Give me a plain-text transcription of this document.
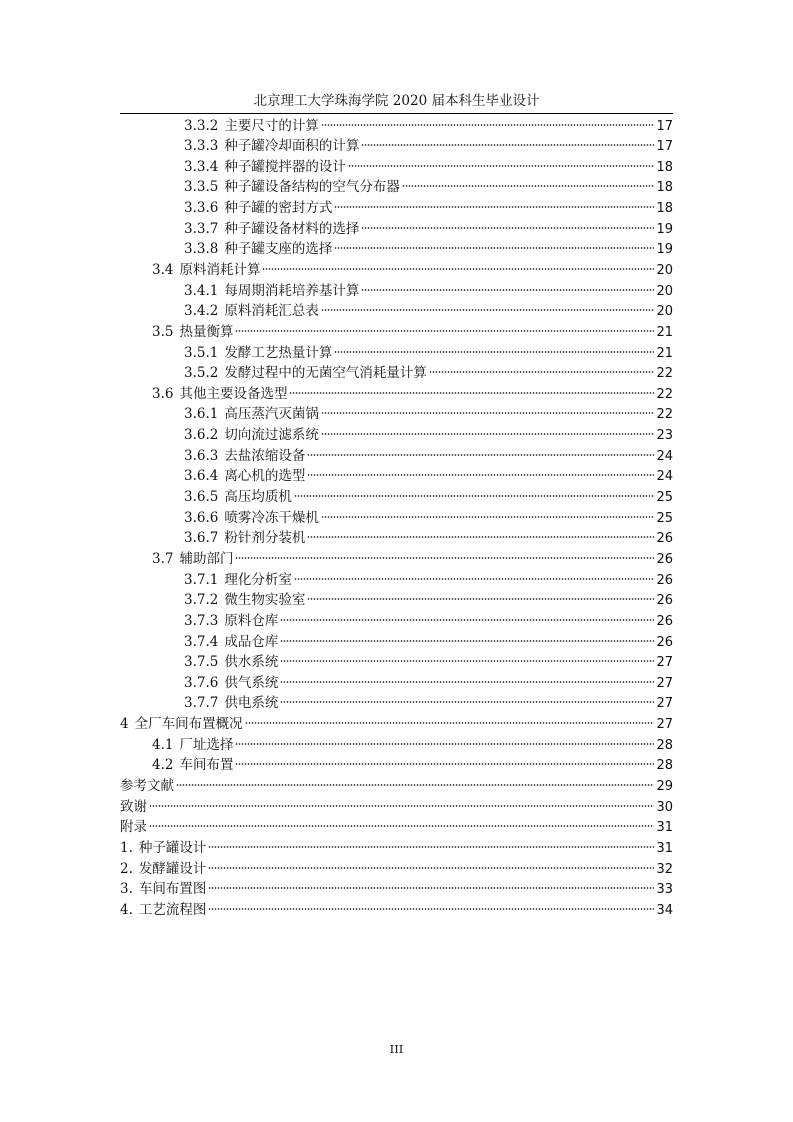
北京理工大学珠海学院 2020 届本科生毕业设计
3.3.2 主要尺寸的计算	17
3.3.3 种子罐冷却面积的计算	17
3.3.4 种子罐搅拌器的设计	18
3.3.5 种子罐设备结构的空气分布器	18
3.3.6 种子罐的密封方式	18
3.3.7 种子罐设备材料的选择	19
3.3.8 种子罐支座的选择	19
3.4 原料消耗计算	20
3.4.1 每周期消耗培养基计算	20
3.4.2 原料消耗汇总表	20
3.5 热量衡算	21
3.5.1 发酵工艺热量计算	21
3.5.2 发酵过程中的无菌空气消耗量计算	22
3.6 其他主要设备选型	22
3.6.1 高压蒸汽灭菌锅	22
3.6.2 切向流过滤系统	23
3.6.3 去盐浓缩设备	24
3.6.4 离心机的选型	24
3.6.5 高压均质机	25
3.6.6 喷雾冷冻干燥机	25
3.6.7 粉针剂分装机	26
3.7 辅助部门	26
3.7.1 理化分析室	26
3.7.2 微生物实验室	26
3.7.3 原料仓库	26
3.7.4 成品仓库	26
3.7.5 供水系统	27
3.7.6 供气系统	27
3.7.7 供电系统	27
4 全厂车间布置概况	27
4.1 厂址选择	28
4.2 车间布置	28
参考文献	29
致谢	30
附录	31
1. 种子罐设计	31
2. 发酵罐设计	32
3. 车间布置图	33
4. 工艺流程图	34
III
